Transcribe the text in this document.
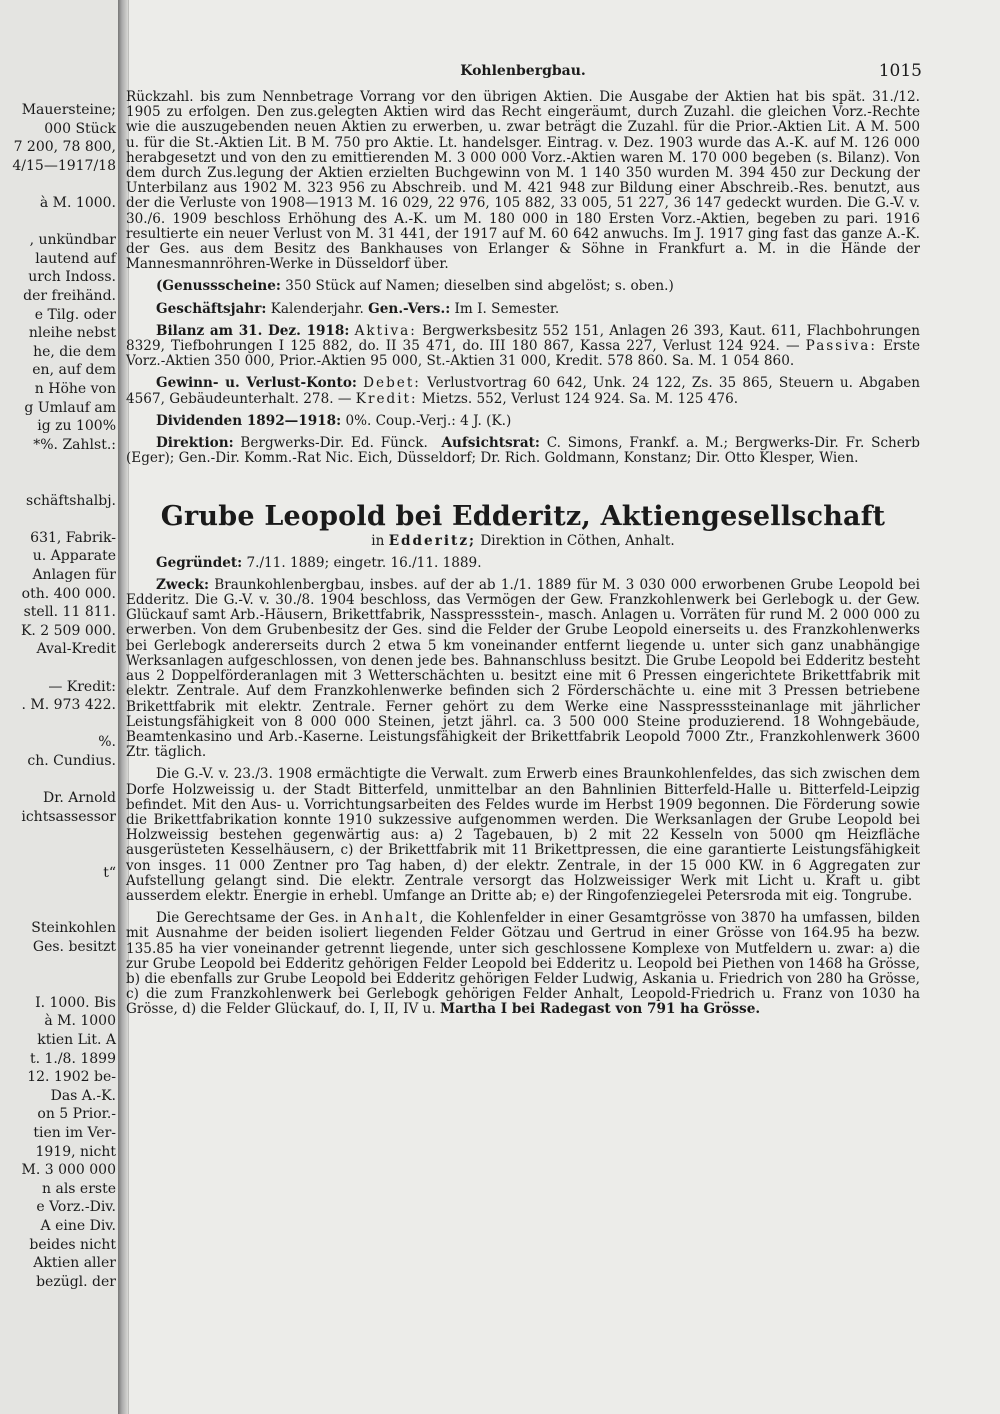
Mauersteine;
000 Stück
7 200, 78 800,
4/15—1917/18
à M. 1000.
, unkündbar
lautend auf
urch Indoss.
der freihänd.
e Tilg. oder
nleihe nebst
he, die dem
en, auf dem
n Höhe von
g Umlauf am
ig zu 100%
*%. Zahlst.:
schäftshalbj.
631, Fabrik-
u. Apparate
Anlagen für
oth. 400 000.
stell. 11 811.
K. 2 509 000.
Aval-Kredit
— Kredit:
. M. 973 422.
%.
ch. Cundius.
Dr. Arnold
ichtsassessor
t“
Steinkohlen
Ges. besitzt
I. 1000. Bis
à M. 1000
ktien Lit. A
t. 1./8. 1899
12. 1902 be-
Das A.-K.
on 5 Prior.-
tien im Ver-
1919, nicht
M. 3 000 000
n als erste
e Vorz.-Div.
A eine Div.
beides nicht
Aktien aller
bezügl. der
Kohlenbergbau.	1015

Rückzahl. bis zum Nennbetrage Vorrang vor den übrigen Aktien. Die Ausgabe der Aktien hat bis spät. 31./12. 1905 zu erfolgen. Den zus.gelegten Aktien wird das Recht eingeräumt, durch Zuzahl. die gleichen Vorz.-Rechte wie die auszugebenden neuen Aktien zu erwerben, u. zwar beträgt die Zuzahl. für die Prior.-Aktien Lit. A M. 500 u. für die St.-Aktien Lit. B M. 750 pro Aktie. Lt. handelsger. Eintrag. v. Dez. 1903 wurde das A.-K. auf M. 126 000 herabgesetzt und von den zu emittierenden M. 3 000 000 Vorz.-Aktien waren M. 170 000 begeben (s. Bilanz). Von dem durch Zus.legung der Aktien erzielten Buchgewinn von M. 1 140 350 wurden M. 394 450 zur Deckung der Unterbilanz aus 1902 M. 323 956 zu Abschreib. und M. 421 948 zur Bildung einer Abschreib.-Res. benutzt, aus der die Verluste von 1908—1913 M. 16 029, 22 976, 105 882, 33 005, 51 227, 36 147 gedeckt wurden. Die G.-V. v. 30./6. 1909 beschloss Erhöhung des A.-K. um M. 180 000 in 180 Ersten Vorz.-Aktien, begeben zu pari. 1916 resultierte ein neuer Verlust von M. 31 441, der 1917 auf M. 60 642 anwuchs. Im J. 1917 ging fast das ganze A.-K. der Ges. aus dem Besitz des Bankhauses von Erlanger & Söhne in Frankfurt a. M. in die Hände der Mannesmannröhren-Werke in Düsseldorf über.

(Genussscheine: 350 Stück auf Namen; dieselben sind abgelöst; s. oben.)

Geschäftsjahr: Kalenderjahr. Gen.-Vers.: Im I. Semester.

Bilanz am 31. Dez. 1918: Aktiva: Bergwerksbesitz 552 151, Anlagen 26 393, Kaut. 611, Flachbohrungen 8329, Tiefbohrungen I 125 882, do. II 35 471, do. III 180 867, Kassa 227, Verlust 124 924. — Passiva: Erste Vorz.-Aktien 350 000, Prior.-Aktien 95 000, St.-Aktien 31 000, Kredit. 578 860. Sa. M. 1 054 860.

Gewinn- u. Verlust-Konto: Debet: Verlustvortrag 60 642, Unk. 24 122, Zs. 35 865, Steuern u. Abgaben 4567, Gebäudeunterhalt. 278. — Kredit: Mietzs. 552, Verlust 124 924. Sa. M. 125 476.

Dividenden 1892—1918: 0%. Coup.-Verj.: 4 J. (K.)

Direktion: Bergwerks-Dir. Ed. Fünck. Aufsichtsrat: C. Simons, Frankf. a. M.; Bergwerks-Dir. Fr. Scherb (Eger); Gen.-Dir. Komm.-Rat Nic. Eich, Düsseldorf; Dr. Rich. Goldmann, Konstanz; Dir. Otto Klesper, Wien.

Grube Leopold bei Edderitz, Aktiengesellschaft
in Edderitz; Direktion in Cöthen, Anhalt.

Gegründet: 7./11. 1889; eingetr. 16./11. 1889.

Zweck: Braunkohlenbergbau, insbes. auf der ab 1./1. 1889 für M. 3 030 000 erworbenen Grube Leopold bei Edderitz. Die G.-V. v. 30./8. 1904 beschloss, das Vermögen der Gew. Franzkohlenwerk bei Gerlebogk u. der Gew. Glückauf samt Arb.-Häusern, Brikettfabrik, Nasspressstein-, masch. Anlagen u. Vorräten für rund M. 2 000 000 zu erwerben. Von dem Grubenbesitz der Ges. sind die Felder der Grube Leopold einerseits u. des Franzkohlenwerks bei Gerlebogk andererseits durch 2 etwa 5 km voneinander entfernt liegende u. unter sich ganz unabhängige Werksanlagen aufgeschlossen, von denen jede bes. Bahnanschluss besitzt. Die Grube Leopold bei Edderitz besteht aus 2 Doppelförderanlagen mit 3 Wetterschächten u. besitzt eine mit 6 Pressen eingerichtete Brikettfabrik mit elektr. Zentrale. Auf dem Franzkohlenwerke befinden sich 2 Förderschächte u. eine mit 3 Pressen betriebene Brikettfabrik mit elektr. Zentrale. Ferner gehört zu dem Werke eine Nasspresssteinanlage mit jährlicher Leistungsfähigkeit von 8 000 000 Steinen, jetzt jährl. ca. 3 500 000 Steine produzierend. 18 Wohngebäude, Beamtenkasino und Arb.-Kaserne. Leistungsfähigkeit der Brikettfabrik Leopold 7000 Ztr., Franzkohlenwerk 3600 Ztr. täglich.

Die G.-V. v. 23./3. 1908 ermächtigte die Verwalt. zum Erwerb eines Braunkohlenfeldes, das sich zwischen dem Dorfe Holzweissig u. der Stadt Bitterfeld, unmittelbar an den Bahnlinien Bitterfeld-Halle u. Bitterfeld-Leipzig befindet. Mit den Aus- u. Vorrichtungsarbeiten des Feldes wurde im Herbst 1909 begonnen. Die Förderung sowie die Brikettfabrikation konnte 1910 sukzessive aufgenommen werden. Die Werksanlagen der Grube Leopold bei Holzweissig bestehen gegenwärtig aus: a) 2 Tagebauen, b) 2 mit 22 Kesseln von 5000 qm Heizfläche ausgerüsteten Kesselhäusern, c) der Brikettfabrik mit 11 Brikettpressen, die eine garantierte Leistungsfähigkeit von insges. 11 000 Zentner pro Tag haben, d) der elektr. Zentrale, in der 15 000 KW. in 6 Aggregaten zur Aufstellung gelangt sind. Die elektr. Zentrale versorgt das Holzweissiger Werk mit Licht u. Kraft u. gibt ausserdem elektr. Energie in erhebl. Umfange an Dritte ab; e) der Ringofenziegelei Petersroda mit eig. Tongrube.

Die Gerechtsame der Ges. in Anhalt, die Kohlenfelder in einer Gesamtgrösse von 3870 ha umfassen, bilden mit Ausnahme der beiden isoliert liegenden Felder Götzau und Gertrud in einer Grösse von 164.95 ha bezw. 135.85 ha vier voneinander getrennt liegende, unter sich geschlossene Komplexe von Mutfeldern u. zwar: a) die zur Grube Leopold bei Edderitz gehörigen Felder Leopold bei Edderitz u. Leopold bei Piethen von 1468 ha Grösse, b) die ebenfalls zur Grube Leopold bei Edderitz gehörigen Felder Ludwig, Askania u. Friedrich von 280 ha Grösse, c) die zum Franzkohlenwerk bei Gerlebogk gehörigen Felder Anhalt, Leopold-Friedrich u. Franz von 1030 ha Grösse, d) die Felder Glückauf, do. I, II, IV u. Martha I bei Radegast von 791 ha Grösse.
